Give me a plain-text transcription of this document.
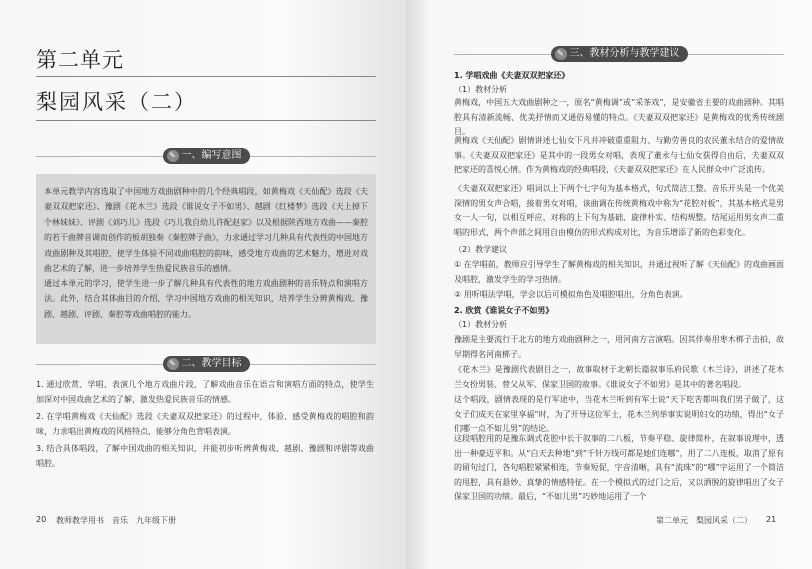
第二单元
梨园风采（二）
✎ 一、编写意图

本单元教学内容选取了中国地方戏曲剧种中的几个经典唱段，如黄梅戏《天仙配》选段《夫妻双双把家还》、豫剧《花木兰》选段《谁说女子不如男》、越剧《红楼梦》选段《天上掉下个林妹妹》、评剧《刘巧儿》选段《巧儿我自幼儿许配赵家》以及根据陕西地方戏曲——秦腔的若干曲牌音调而创作的板胡独奏《秦腔牌子曲》，力求通过学习几种具有代表性的中国地方戏曲剧种及其唱腔，使学生体验不同戏曲唱腔的韵味，感受地方戏曲的艺术魅力，增进对戏曲艺术的了解，进一步培养学生热爱民族音乐的感情。

通过本单元的学习，使学生进一步了解几种具有代表性的地方戏曲剧种的音乐特点和演唱方法。此外，结合其体曲目的介绍，学习中国地方戏曲的相关知识，培养学生分辨黄梅戏、豫剧、越剧、评剧、秦腔等戏曲唱腔的能力。

✎ 二、教学目标

1. 通过欣赏、学唱、表演几个地方戏曲片段，了解戏曲音乐在语言和演唱方面的特点，使学生加深对中国戏曲艺术的了解，激发热爱民族音乐的情感。

2. 在学唱黄梅戏《天仙配》选段《夫妻双双把家还》的过程中，体验、感受黄梅戏的唱腔和韵味，力求唱出黄梅戏的风格特点，能够分角色背唱表演。

3. 结合具体唱段，了解中国戏曲的相关知识，并能初步听辨黄梅戏、越剧、豫剧和评剧等戏曲唱腔。

20 教师教学用书　音乐　九年级下册
✎ 三、教材分析与教学建议
1. 学唱戏曲《夫妻双双把家还》
（1）教材分析

黄梅戏，中国五大戏曲剧种之一，原名“黄梅调”或“采茶戏”，是安徽省主要的戏曲剧种。其唱腔具有清新流畅、优美抒情而又通俗易懂的特点。《夫妻双双把家还》是黄梅戏的优秀传统剧目。

黄梅戏《天仙配》剧情讲述七仙女下凡并冲破重重阻力、与勤劳善良的农民董永结合的爱情故事。《夫妻双双把家还》是其中的一段男女对唱，表现了董永与七仙女获得自由后，夫妻双双把家还的喜悦心情。作为黄梅戏的经典唱段，《夫妻双双把家还》在人民群众中广泛流传。

《夫妻双双把家还》唱词以上下两个七字句为基本格式，句式简洁工整。音乐开头是一个优美深情的男女声合唱，接着男女对唱，该曲调在传统黄梅戏中称为“花腔对板”，其基本格式是男女一人一句，以相互呼应、对称的上下句为基础，旋律朴实、结构规整。结尾运用男女声二重唱的形式，两个声部之间用自由模仿的形式构成对比，为音乐增添了新的色彩变化。

（2）教学建议

① 在学唱前，教师应引导学生了解黄梅戏的相关知识，并通过视听了解《天仙配》的戏曲画面及唱腔，激发学生的学习热情。

② 用听唱法学唱，学会以后可模拟角色及唱腔唱出，分角色表演。

2. 欣赏《谁说女子不如男》
（1）教材分析

豫剧是主要流行于北方的地方戏曲剧种之一，用河南方言演唱。因其伴奏用枣木梆子击拍，故早期得名河南梆子。

《花木兰》是豫剧代表剧目之一，故事取材于北朝长篇叙事乐府民歌《木兰诗》，讲述了花木兰女扮男装、替父从军、保家卫国的故事。《谁说女子不如男》是其中的著名唱段。

这个唱段，剧情表现的是行军途中，当花木兰听到有军士说“天下吃苦都叫我们男子做了，这女子们成天在家里享福”时，为了开导这位军士，花木兰列举事实说明妇女的功绩，得出“女子们哪一点不如儿男”的结论。

这段唱腔用的是豫东调式花腔中长于叙事的二八板，节奏平稳、旋律简朴，在叙事说理中，透出一种豪迈平和。从“白天去种地”到“千针万线可都是她们连哪”，用了二八连板，取消了原有的留句过门，各句唱腔紧紧相连，节奏短促，字音清晰，具有“流珠”的“哪”字运用了一个简洁的甩腔，具有悬妙、真挚的情感特征。在一个模拟式的过门之后，又以洒脱的旋律唱出了女子保家卫国的功绩。最后，“不如儿男”巧妙地运用了一个

第二单元　梨园风采（二） 21
